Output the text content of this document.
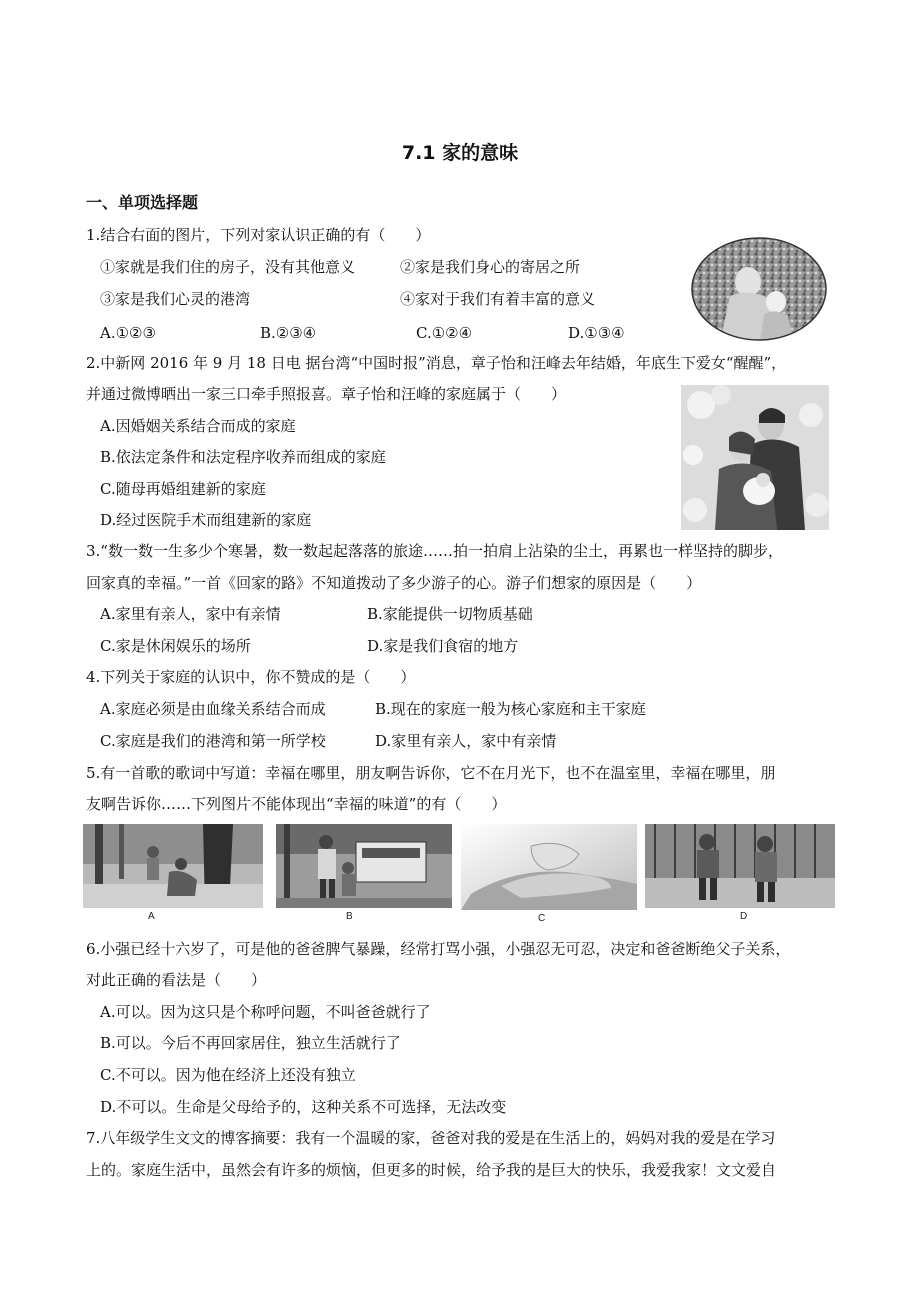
7.1 家的意味
一、单项选择题
1.结合右面的图片，下列对家认识正确的有（　　）
①家就是我们住的房子，没有其他意义	②家是我们身心的寄居之所
③家是我们心灵的港湾	④家对于我们有着丰富的意义
A.①②③	B.②③④	C.①②④	D.①③④
2.中新网 2016 年 9 月 18 日电 据台湾“中国时报”消息，章子怡和汪峰去年结婚，年底生下爱女“醒醒”，
并通过微博晒出一家三口牵手照报喜。章子怡和汪峰的家庭属于（　　）
A.因婚姻关系结合而成的家庭
B.依法定条件和法定程序收养而组成的家庭
C.随母再婚组建新的家庭
D.经过医院手术而组建新的家庭
3.“数一数一生多少个寒暑，数一数起起落落的旅途……拍一拍肩上沾染的尘土，再累也一样坚持的脚步，
回家真的幸福。”一首《回家的路》不知道拨动了多少游子的心。游子们想家的原因是（　　）
A.家里有亲人，家中有亲情	B.家能提供一切物质基础
C.家是休闲娱乐的场所	D.家是我们食宿的地方
4.下列关于家庭的认识中，你不赞成的是（　　）
A.家庭必须是由血缘关系结合而成	B.现在的家庭一般为核心家庭和主干家庭
C.家庭是我们的港湾和第一所学校	D.家里有亲人，家中有亲情
5.有一首歌的歌词中写道：幸福在哪里，朋友啊告诉你，它不在月光下，也不在温室里，幸福在哪里，朋
友啊告诉你……下列图片不能体现出“幸福的味道”的有（　　）
A	B	C	D
6.小强已经十六岁了，可是他的爸爸脾气暴躁，经常打骂小强，小强忍无可忍，决定和爸爸断绝父子关系，
对此正确的看法是（　　）
A.可以。因为这只是个称呼问题，不叫爸爸就行了
B.可以。今后不再回家居住，独立生活就行了
C.不可以。因为他在经济上还没有独立
D.不可以。生命是父母给予的，这种关系不可选择，无法改变
7.八年级学生文文的博客摘要：我有一个温暖的家，爸爸对我的爱是在生活上的，妈妈对我的爱是在学习
上的。家庭生活中，虽然会有许多的烦恼，但更多的时候，给予我的是巨大的快乐，我爱我家！文文爱自
